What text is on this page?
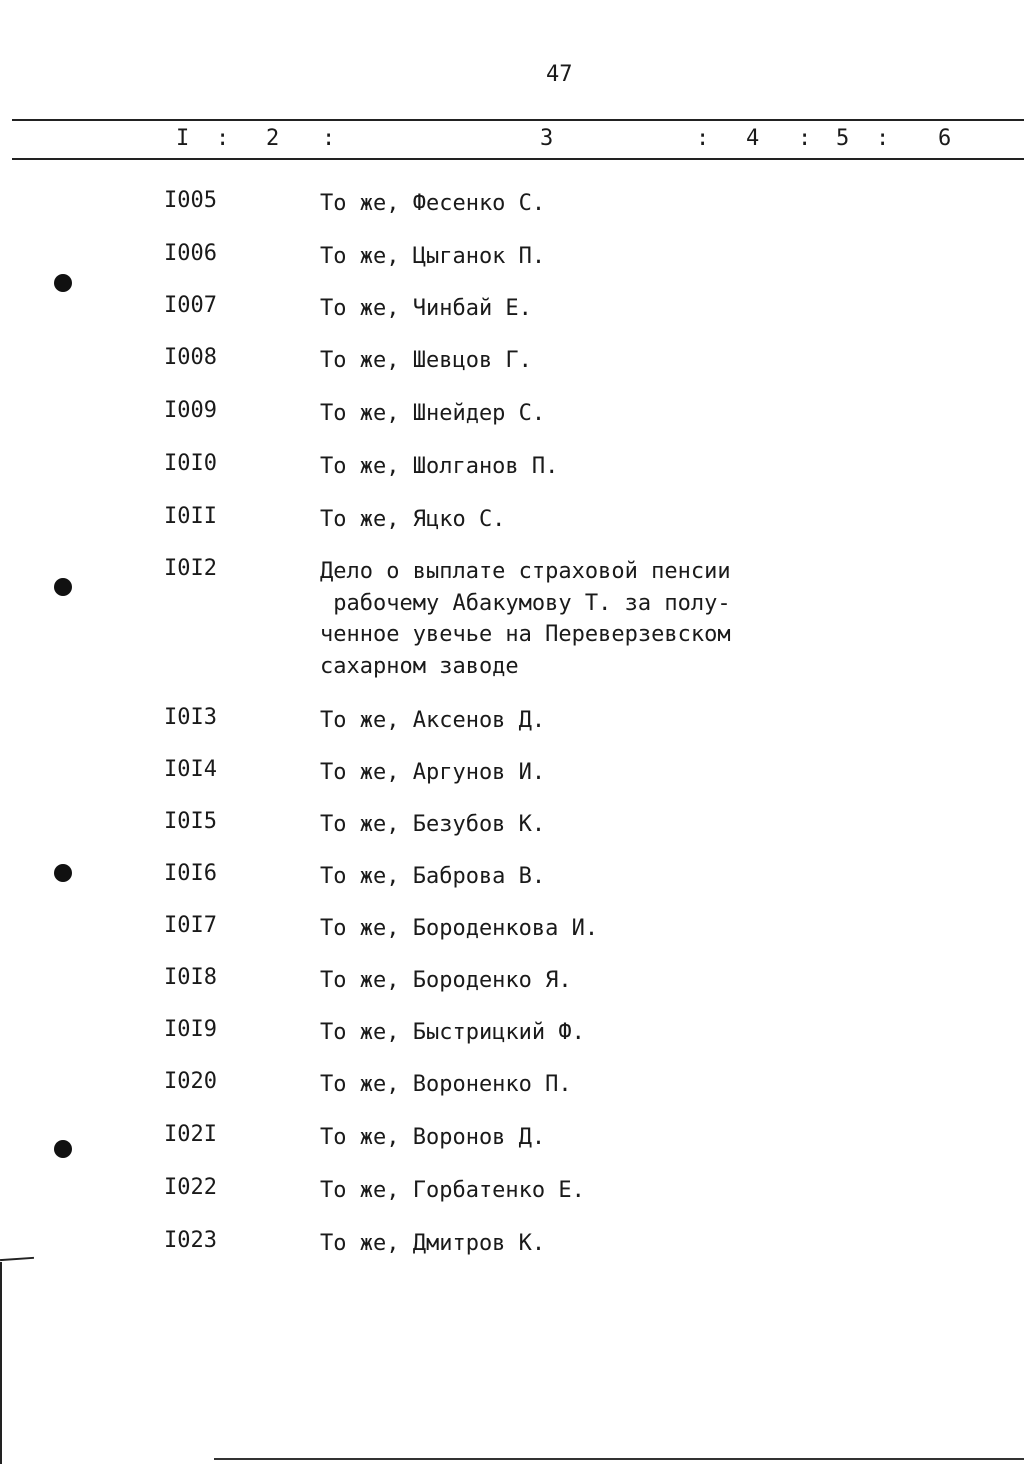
47
I : 2 :	3	: 4 : 5 : 6
I005	То же, Фесенко С.
I006	То же, Цыганок П.
I007	То же, Чинбай Е.
I008	То же, Шевцов Г.
I009	То же, Шнейдер С.
I0I0	То же, Шолганов П.
I0II	То же, Яцко С.
I0I2	Дело о выплате страховой пенсии
рабочему Абакумову Т. за полу-
ченное увечье на Переверзевском
сахарном заводе
I0I3	То же, Аксенов Д.
I0I4	То же, Аргунов И.
I0I5	То же, Безубов К.
I0I6	То же, Баброва В.
I0I7	То же, Бороденкова И.
I0I8	То же, Бороденко Я.
I0I9	То же, Быстрицкий Ф.
I020	То же, Вороненко П.
I02I	То же, Воронов Д.
I022	То же, Горбатенко Е.
I023	То же, Дмитров К.
